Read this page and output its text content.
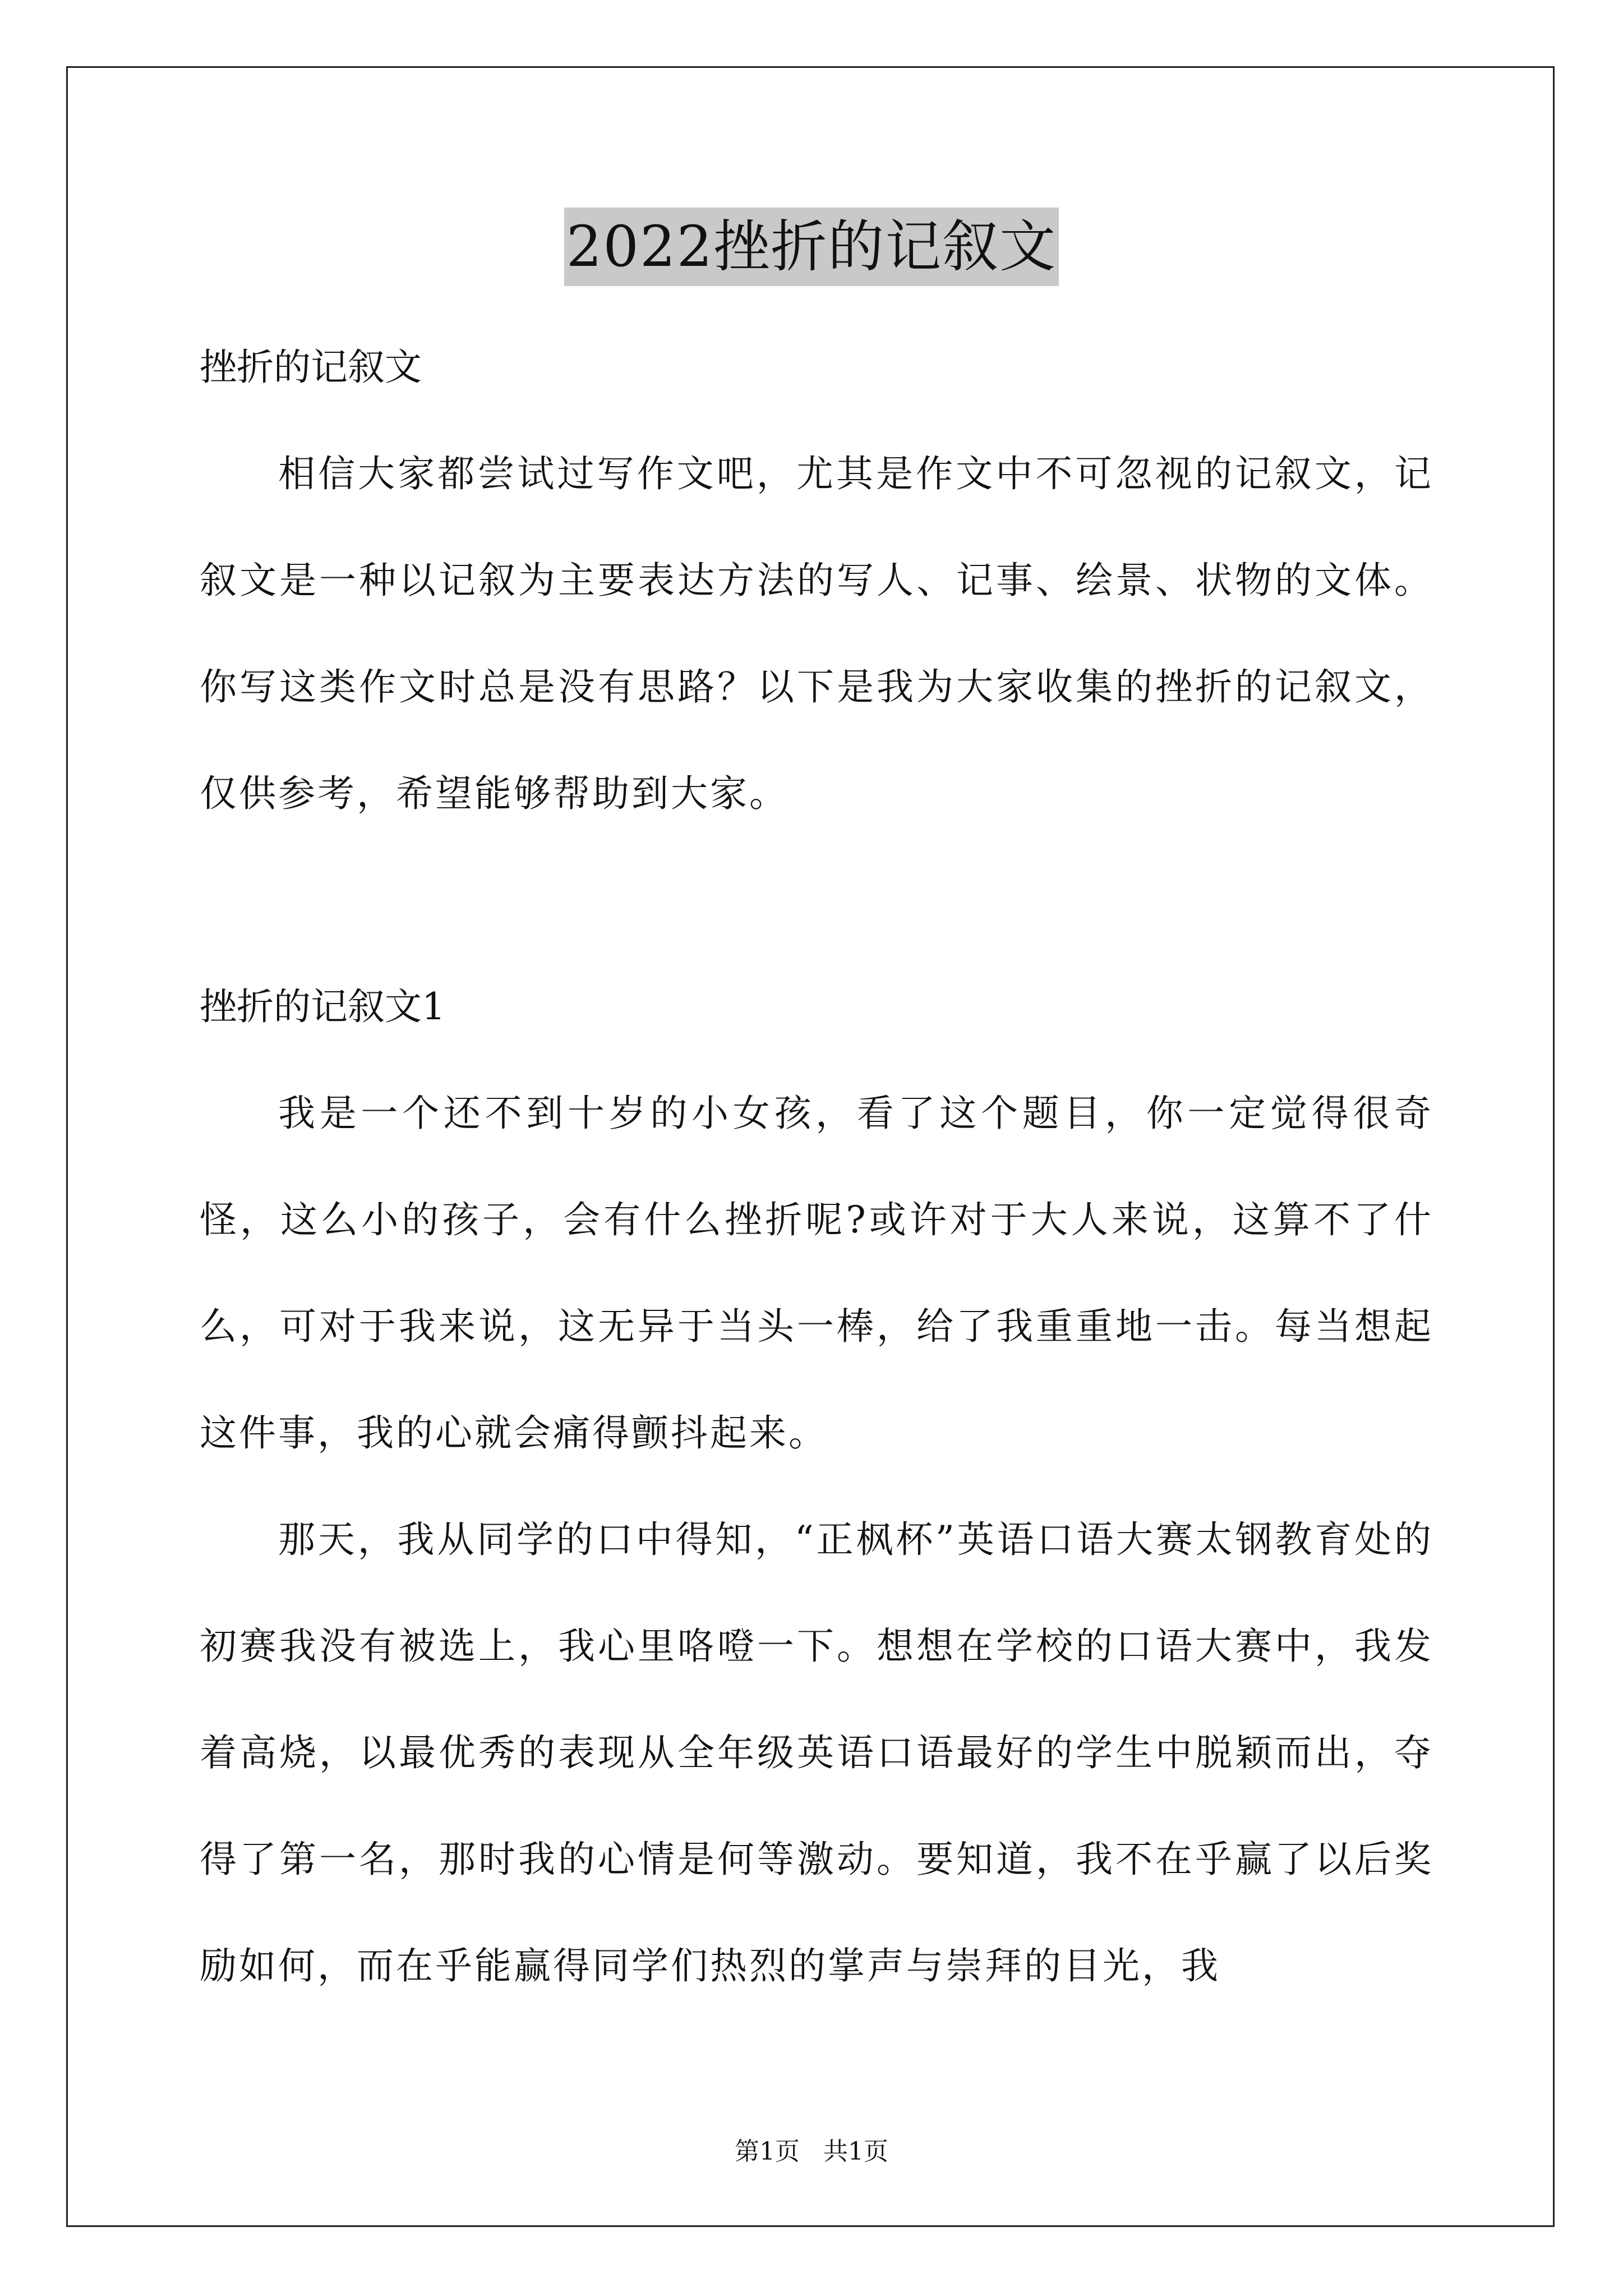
2022挫折的记叙文

挫折的记叙文

相信大家都尝试过写作文吧，尤其是作文中不可忽视的记叙文，记叙文是一种以记叙为主要表达方法的写人、记事、绘景、状物的文体。你写这类作文时总是没有思路？以下是我为大家收集的挫折的记叙文，仅供参考，希望能够帮助到大家。

挫折的记叙文1

我是一个还不到十岁的小女孩，看了这个题目，你一定觉得很奇怪，这么小的孩子，会有什么挫折呢?或许对于大人来说，这算不了什么，可对于我来说，这无异于当头一棒，给了我重重地一击。每当想起这件事，我的心就会痛得颤抖起来。

那天，我从同学的口中得知，“正枫杯”英语口语大赛太钢教育处的初赛我没有被选上，我心里咯噔一下。想想在学校的口语大赛中，我发着高烧，以最优秀的表现从全年级英语口语最好的学生中脱颖而出，夺得了第一名，那时我的心情是何等激动。要知道，我不在乎赢了以后奖励如何，而在乎能赢得同学们热烈的掌声与崇拜的目光，我

第1页   共1页
